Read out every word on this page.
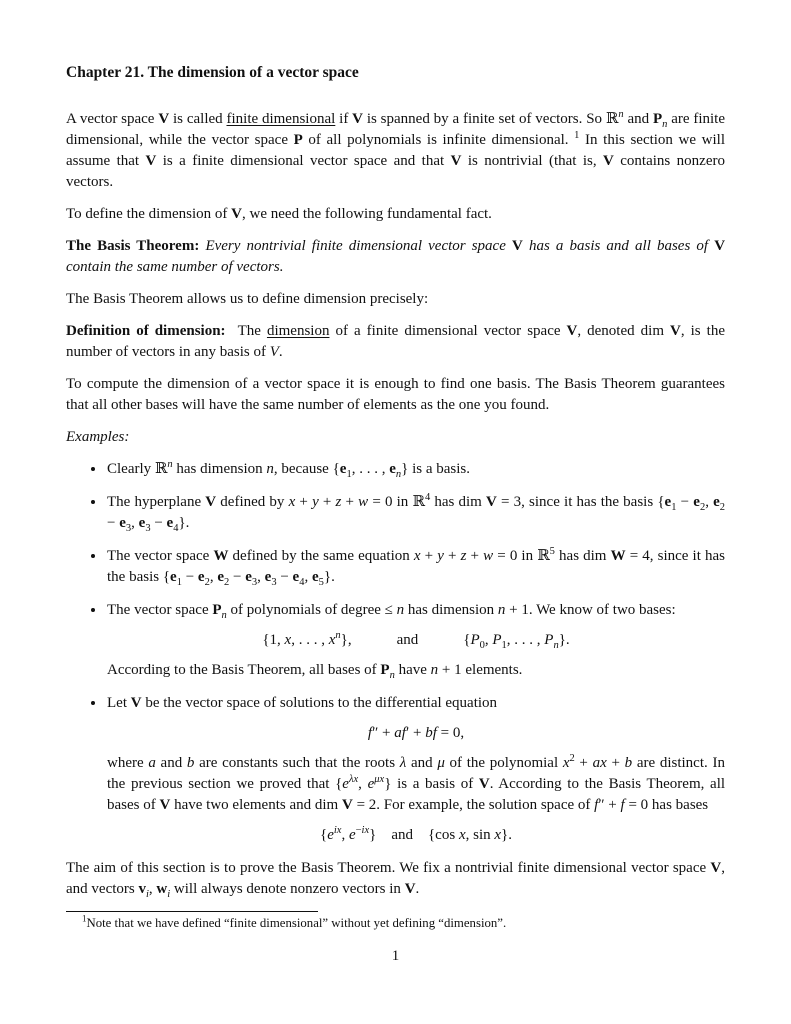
Chapter 21. The dimension of a vector space

A vector space V is called finite dimensional if V is spanned by a finite set of vectors. So ℝ$^n$ and $P_n$ are finite dimensional, while the vector space P of all polynomials is infinite dimensional. $^1$ In this section we will assume that V is a finite dimensional vector space and that V is nontrivial (that is, V contains nonzero vectors.

To define the dimension of V, we need the following fundamental fact.

The Basis Theorem: Every nontrivial finite dimensional vector space V has a basis and all bases of V contain the same number of vectors.

The Basis Theorem allows us to define dimension precisely:

Definition of dimension:  The dimension of a finite dimensional vector space V, denoted dim V, is the number of vectors in any basis of V.

To compute the dimension of a vector space it is enough to find one basis. The Basis Theorem guarantees that all other bases will have the same number of elements as the one you found.

Examples:

• Clearly ℝ$^n$ has dimension n, because {$e_1$, . . . , $e_n$} is a basis.
• The hyperplane V defined by x + y + z + w = 0 in ℝ$^4$ has dim V = 3, since it has the basis {$e_1 - e_2$, $e_2 - e_3$, $e_3 - e_4$}.
• The vector space W defined by the same equation x + y + z + w = 0 in ℝ$^5$ has dim W = 4, since it has the basis {$e_1 - e_2$, $e_2 - e_3$, $e_3 - e_4$, $e_5$}.
• The vector space $P_n$ of polynomials of degree ≤ n has dimension n + 1. We know of two bases:
{1, x, . . . , $x^n$},   and   {$P_0$, $P_1$, . . . , $P_n$}.
According to the Basis Theorem, all bases of $P_n$ have n + 1 elements.
• Let V be the vector space of solutions to the differential equation
f″ + af′ + bf = 0,
where a and b are constants such that the roots λ and μ of the polynomial $x^2$ + ax + b are distinct. In the previous section we proved that {$e^{\lambda x}$, $e^{\mu x}$} is a basis of V. According to the Basis Theorem, all bases of V have two elements and dim V = 2. For example, the solution space of f″ + f = 0 has bases
{$e^{ix}$, $e^{-ix}$} and {cos x, sin x}.

The aim of this section is to prove the Basis Theorem. We fix a nontrivial finite dimensional vector space V, and vectors $v_i$, $w_i$ will always denote nonzero vectors in V.

$^1$Note that we have defined “finite dimensional” without yet defining “dimension”.

1
